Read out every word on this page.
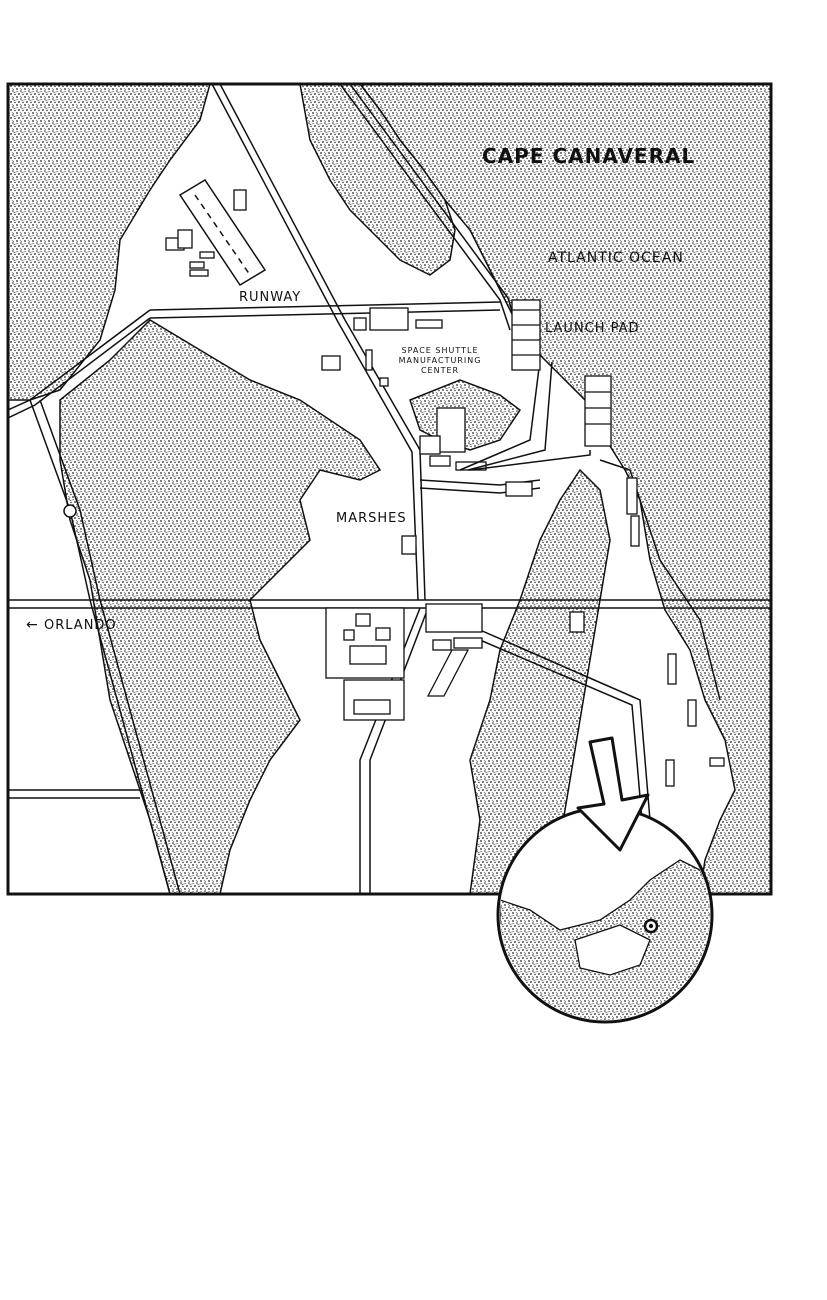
CAPE CANAVERAL
ATLANTIC OCEAN
LAUNCH PAD
RUNWAY
SPACE SHUTTLE
MANUFACTURING
CENTER
MARSHES
← ORLANDO
